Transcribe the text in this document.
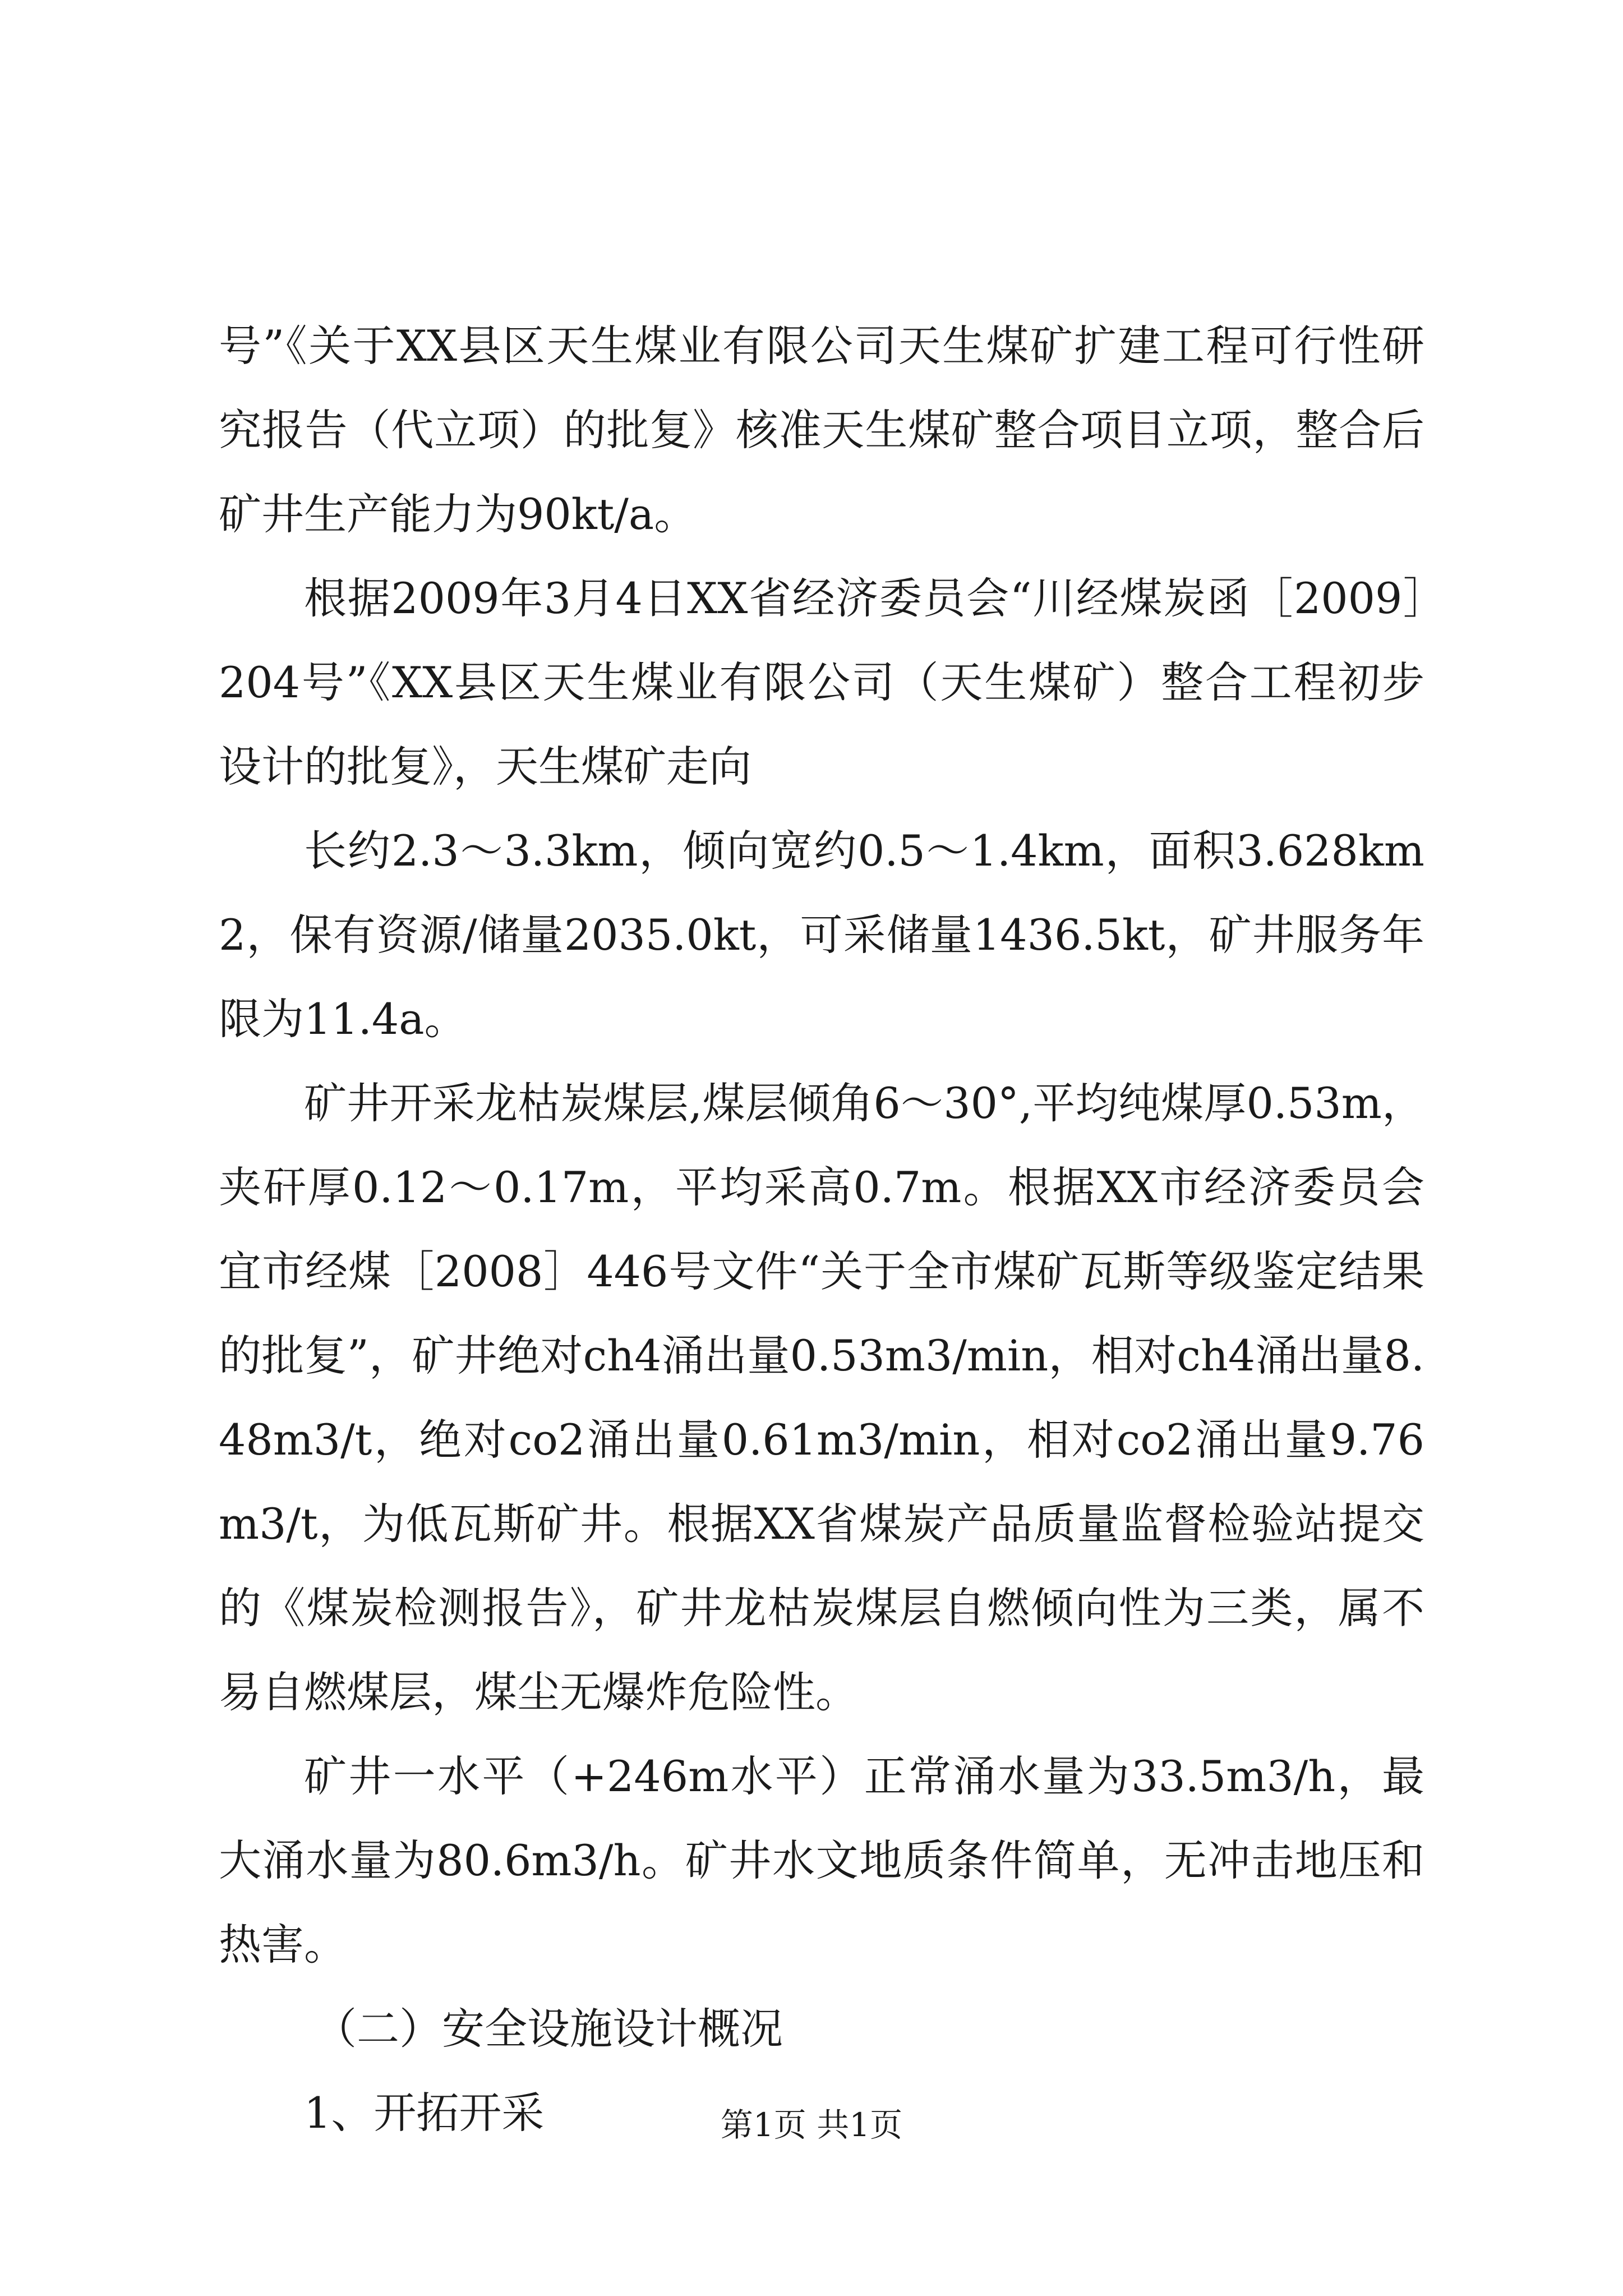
号”《关于XX县区天生煤业有限公司天生煤矿扩建工程可行性研究报告（代立项）的批复》核准天生煤矿整合项目立项，整合后矿井生产能力为90kt/a。

根据2009年3月4日XX省经济委员会“川经煤炭函［2009］204号”《XX县区天生煤业有限公司（天生煤矿）整合工程初步设计的批复》，天生煤矿走向

长约2.3～3.3km，倾向宽约0.5～1.4km，面积3.628km2，保有资源/储量2035.0kt，可采储量1436.5kt，矿井服务年限为11.4a。

矿井开采龙枯炭煤层,煤层倾角6～30°,平均纯煤厚0.53m，夹矸厚0.12～0.17m，平均采高0.7m。根据XX市经济委员会宜市经煤［2008］446号文件“关于全市煤矿瓦斯等级鉴定结果的批复”，矿井绝对ch4涌出量0.53m3/min，相对ch4涌出量8.48m3/t，绝对co2涌出量0.61m3/min，相对co2涌出量9.76m3/t，为低瓦斯矿井。根据XX省煤炭产品质量监督检验站提交的《煤炭检测报告》，矿井龙枯炭煤层自燃倾向性为三类，属不易自燃煤层，煤尘无爆炸危险性。

矿井一水平（+246m水平）正常涌水量为33.5m3/h，最大涌水量为80.6m3/h。矿井水文地质条件简单，无冲击地压和热害。

（二）安全设施设计概况

1、开拓开采	第1页 共1页
